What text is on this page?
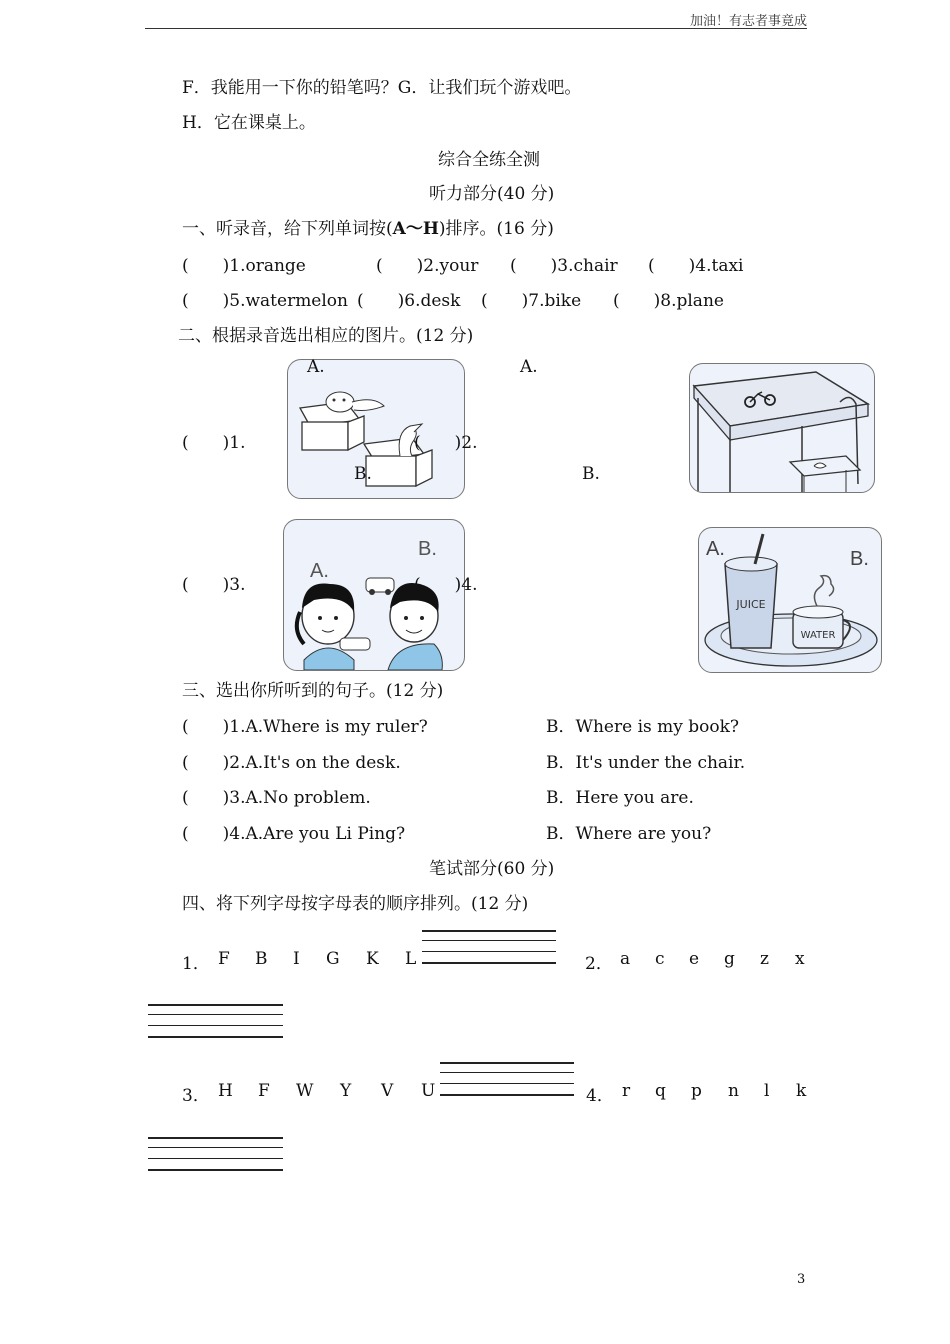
加油！有志者事竟成
F．我能用一下你的铅笔吗？G．让我们玩个游戏吧。
H．它在课桌上。
综合全练全测
听力部分(40 分)
一、听录音，给下列单词按(A～H)排序。(16 分)
(　　)1.orange	(　　)2.your (　　)3.chair (　　)4.taxi
(　　)5.watermelon (　　)6.desk (　　)7.bike (　　)8.plane
二、根据录音选出相应的图片。(12 分)
A.
B.
(　　)1.	(　　)2.
A.
B.
A.
B.
(　　)3.	(　　)4.
JUICE
WATER
A.	B.
三、选出你所听到的句子。(12 分)
(　　)1.A.Where is my ruler?	B．Where is my book?
(　　)2.A.It's on the desk.	B．It's under the chair.
(　　)3.A.No problem.	B．Here you are.
(　　)4.A.Are you Li Ping?	B．Where are you?
笔试部分(60 分)
四、将下列字母按字母表的顺序排列。(12 分)
1． F B I G K L	2． a c e g z x
3． H F W Y V U	4． r q p n l k
3
